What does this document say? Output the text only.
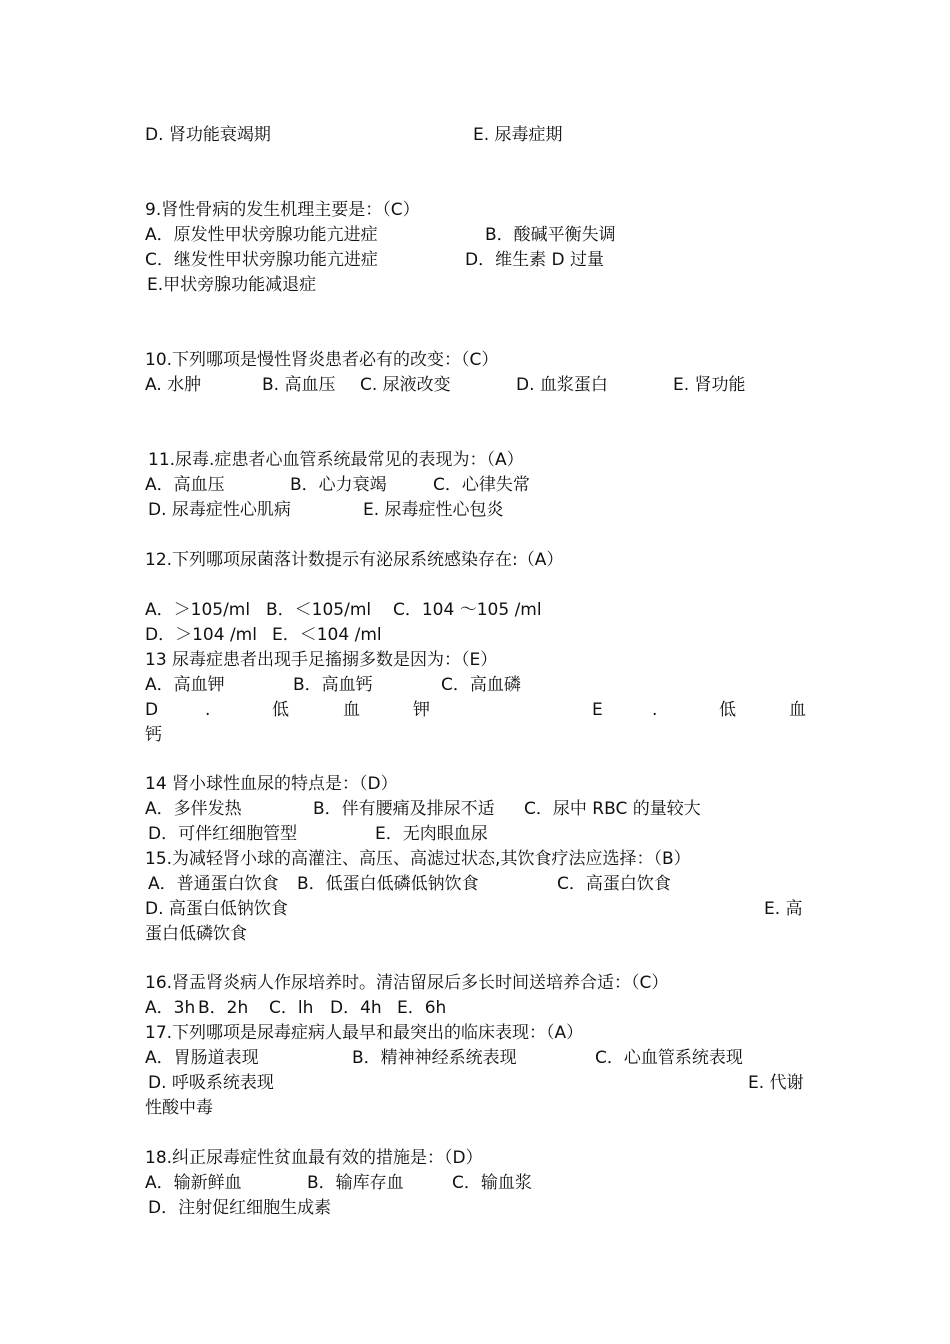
D. 肾功能衰竭期	E. 尿毒症期
9.肾性骨病的发生机理主要是：（C）
A．原发性甲状旁腺功能亢进症	B．酸碱平衡失调
C．继发性甲状旁腺功能亢进症	D．维生素 D 过量
E.甲状旁腺功能减退症
10.下列哪项是慢性肾炎患者必有的改变：（C）
A. 水肿	B. 高血压 C. 尿液改变	D. 血浆蛋白	E. 肾功能
11.尿毒.症患者心血管系统最常见的表现为：（A）
A．高血压	B．心力衰竭	C．心律失常
D. 尿毒症性心肌病	E. 尿毒症性心包炎
12.下列哪项尿菌落计数提示有泌尿系统感染存在:（A）
A．＞105/ml B．＜105/ml C．104 ～105 /ml
D．＞104 /ml E．＜104 /ml
13 尿毒症患者出现手足搐搦多数是因为：（E）
A．高血钾	B．高血钙	C．高血磷
D	.	低	血	钾	E	.	低	血
钙
14 肾小球性血尿的特点是：（D）
A．多伴发热	B．伴有腰痛及排尿不适 C．尿中 RBC 的量较大
D．可伴红细胞管型	E．无肉眼血尿
15.为减轻肾小球的高灌注、高压、高滤过状态,其饮食疗法应选择：（B）
A．普通蛋白饮食 B．低蛋白低磷低钠饮食	C．高蛋白饮食
D. 高蛋白低钠饮食	E. 高
蛋白低磷饮食
16.肾盂肾炎病人作尿培养时。清洁留尿后多长时间送培养合适：（C）
A．3h B．2h C．lh D．4h E．6h
17.下列哪项是尿毒症病人最早和最突出的临床表现：（A）
A．胃肠道表现	B．精神神经系统表现	C．心血管系统表现
D. 呼吸系统表现	E. 代谢
性酸中毒
18.纠正尿毒症性贫血最有效的措施是：（D）
A．输新鲜血	B．输库存血	C．输血浆
D．注射促红细胞生成素
